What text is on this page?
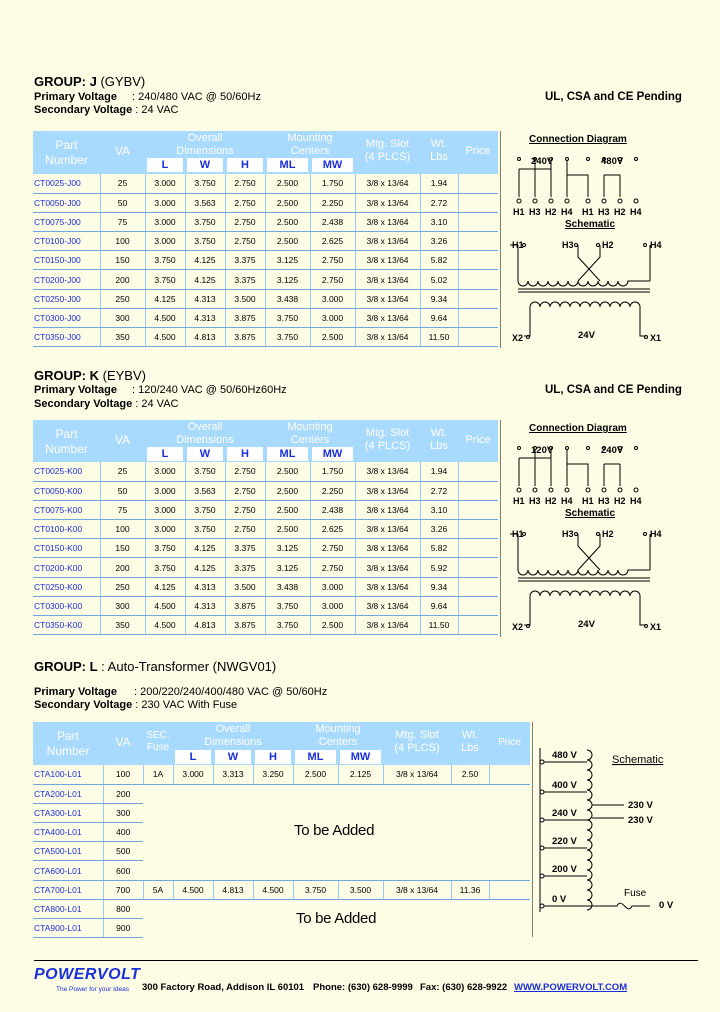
GROUP: J (GYBV)
Primary Voltage : 240/480 VAC @ 50/60Hz
Secondary Voltage : 24 VAC
UL, CSA and CE Pending
Part
Number
VA
Overall
Dimensions
Mounting
Centers
Mtg. Slot
(4 PLCS)
Wt.
Lbs	Price
L	W	H	ML	MW
CT0025-J00	25	3.000	3.750	2.750	2.500	1.750	3/8 x 13/64	1.94	
CT0050-J00	50	3.000	3.563	2.750	2.500	2.250	3/8 x 13/64	2.72	
CT0075-J00	75	3.000	3.750	2.750	2.500	2.438	3/8 x 13/64	3.10	
CT0100-J00	100	3.000	3.750	2.750	2.500	2.625	3/8 x 13/64	3.26	
CT0150-J00	150	3.750	4.125	3.375	3.125	2.750	3/8 x 13/64	5.82	
CT0200-J00	200	3.750	4.125	3.375	3.125	2.750	3/8 x 13/64	5.02	
CT0250-J00	250	4.125	4.313	3.500	3.438	3.000	3/8 x 13/64	9.34	
CT0300-J00	300	4.500	4.313	3.875	3.750	3.000	3/8 x 13/64	9.64	
CT0350-J00	350	4.500	4.813	3.875	3.750	2.500	3/8 x 13/64	11.50	
Connection Diagram
240V	480V
H1 H3 H2 H4 H1 H3 H2 H4
Schematic
H1	H3	H2	H4
X2	X1
24V
GROUP: K (EYBV)
Primary Voltage : 120/240 VAC @ 50/60Hz60Hz
Secondary Voltage : 24 VAC
UL, CSA and CE Pending
Part
Number
VA
Overall
Dimensions
Mounting
Centers
Mtg. Slot
(4 PLCS)
Wt.
Lbs	Price
L	W	H	ML	MW
CT0025-K00	25	3.000	3.750	2.750	2.500	1.750	3/8 x 13/64	1.94	
CT0050-K00	50	3.000	3.563	2.750	2.500	2.250	3/8 x 13/64	2.72	
CT0075-K00	75	3.000	3.750	2.750	2.500	2.438	3/8 x 13/64	3.10	
CT0100-K00	100	3.000	3.750	2.750	2.500	2.625	3/8 x 13/64	3.26	
CT0150-K00	150	3.750	4.125	3.375	3.125	2.750	3/8 x 13/64	5.82	
CT0200-K00	200	3.750	4.125	3.375	3.125	2.750	3/8 x 13/64	5.92	
CT0250-K00	250	4.125	4.313	3.500	3.438	3.000	3/8 x 13/64	9.34	
CT0300-K00	300	4.500	4.313	3.875	3.750	3.000	3/8 x 13/64	9.64	
CT0350-K00	350	4.500	4.813	3.875	3.750	2.500	3/8 x 13/64	11.50	
Connection Diagram
120V	240V
H1 H3 H2 H4 H1 H3 H2 H4
Schematic
H1	H3	H2	H4
X2	X1
24V
GROUP: L : Auto-Transformer (NWGV01)
Primary Voltage : 200/220/240/400/480 VAC @ 50/60Hz
Secondary Voltage : 230 VAC With Fuse
Part
Number
VA	SEC.
Fuse
Overall
Dimensions
Mounting
Centers
Mtg. Slot
(4 PLCS)
Wt.
Lbs	Price
L	W	H	ML	MW
CTA100-L01	100	1A	3.000	3.313	3.250	2.500	2.125	3/8 x 13/64	2.50	
CTA200-L01	200									
CTA300-L01	300									
CTA400-L01	400									
CTA500-L01	500									
CTA600-L01	600									
CTA700-L01	700	5A	4.500	4.813	4.500	3.750	3.500	3/8 x 13/64	11.36	
CTA800-L01	800									
CTA900-L01	900									
To be Added
To be Added
Schematic
480 V
400 V
240 V
220 V
200 V
0 V
230 V
230 V
Fuse
0 V
POWERVOLT
The Power for your Ideas 300 Factory Road, Addison IL 60101 Phone: (630) 628-9999 Fax: (630) 628-9922 WWW.POWERVOLT.COM
